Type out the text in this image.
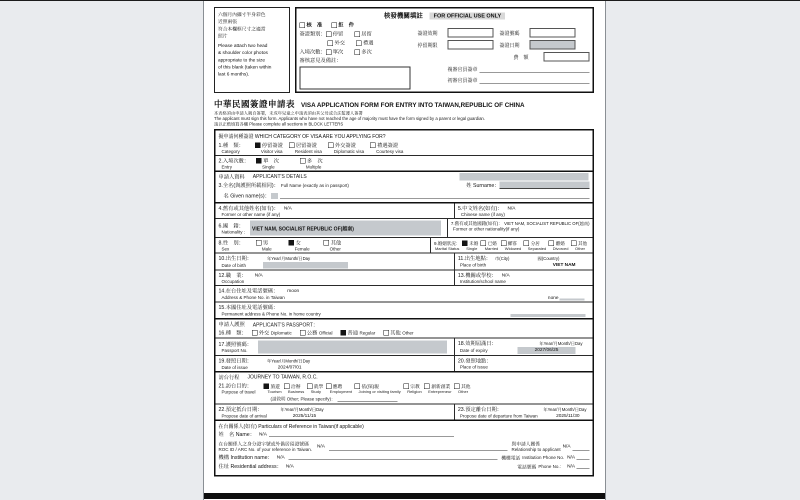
六個月內攝寸半身彩色
近照兩張
符合本欄框尺寸之適當
照片
Please attach two head
& shoulder color photos
appropriate to the size
of this blank (taken within
last 6 months).
核發機關填註 FOR OFFICIAL USE ONLY
核　准 拒　件
簽證類別： 停留 居留
外交 禮遇
入境次數： 單次 多次
審核意見及備註：
簽證效期	簽證號碼
停留期限	簽證日期
費　額
複審官員簽章
初審官員簽章
中華民國簽證申請表 VISA APPLICATION FORM FOR ENTRY INTO TAIWAN,REPUBLIC OF CHINA
本表格須由申請人親自簽署，未成年兒童之申請表須由其父母或合法監護人簽署
The applicant must sign this form. Applicants who have not reached the age of majority must have the form signed by a parent or legal guardian.
請以正楷填寫各欄 Please complete all sections in BLOCK LETTERS
擬申請何種簽證 WHICH CATEGORY OF VISA ARE YOU APPLYING FOR?
1.種　類：
Category
停留簽證
Visitor visa
居留簽證
Resident visa
外交簽證
Diplomatic visa
禮遇簽證
Courtesy visa
2.入境次數：
Entry
單　次
Single
多　次
Multiple
申請人資料 APPLICANT'S DETAILS
3.全名(與護照所載相同)： Full Name (exactly as in passport)	姓 Surname：
名 Given name(s)：
4.舊有或其他姓名(如有)： N/A
Former or other name (if any)
5.中文姓名(如有)： N/A
Chinese name (if any)
6.國　籍：
Nationality : VIET NAM, SOCIALIST REPUBLIC OF(越南)
7.舊有或其他國籍(如有)： VIET NAM, SOCIALIST REPUBLIC OF(越南)
Former or other nationality(if any)
8.性　別：
Sex
男
Male
女
Female
其他
Other
9.婚姻狀況：
Marital Status
未婚
Single
已婚
Married
鰥寡
Widowed
分居
Separated
離婚
Divorced
其他
Other
10.出生日期： 年Year/月Month/日Day
Date of birth
11.出生地點： 市(City)	國(Country)
Place of birth	VIET NAM
12.職　業： N/A
Occupation
13.機關或學校： N/A
Institution/school name
14.在台住址及電話號碼： moon
Address & Phone No. in Taiwan	none
15.本國住址及電話號碼：
Permanent address & Phone No. in home country
申請人護照 APPLICANT'S PASSPORT：
16.種　類： 外交 Diplomatic 公務 Official 普通 Regular 其他 Other
17.護照號碼：
Passport No.
18.效期屆滿日：	年Year/月Month/日Day
Date of expiry	2027/06/25
19.發照日期： 年Year/月Month/日Day
Date of issue	2024/07/01
20.發照地點：
Place of issue
訪台行程 JOURNEY TO TAIWAN, R.O.C.
21.訪台目的：
Purpose of travel
旅遊
Tourism
洽辦
Business
就學
Study
應聘
Employment
依(探)親
Joining or visiting family
宗教
Religion
創新創業
Entrepreneur
其他
Other
(請敘明 Other; Please specify)：
22.預定抵台日期： 年Year/月Month/日Day
Propose date of arrival	2025/11/15
23.預定離台日期：	年Year/月Month/日Day
Propose date of departure from Taiwan 2025/11/30
在台關係人(如有) Particulars of Reference in Taiwan(if applicable)
姓　名 Name： N/A
在台關係人之身分證字號或外僑居留證號碼
ROC ID / ARC No. of your reference in Taiwan.
N/A	與申請人關係
Relationship to applicant
N/A
機構 Institution name： N/A	機構電話 Institution Phone No. N/A
住址 Residential address： N/A	電話號碼 Phone No.： N/A
